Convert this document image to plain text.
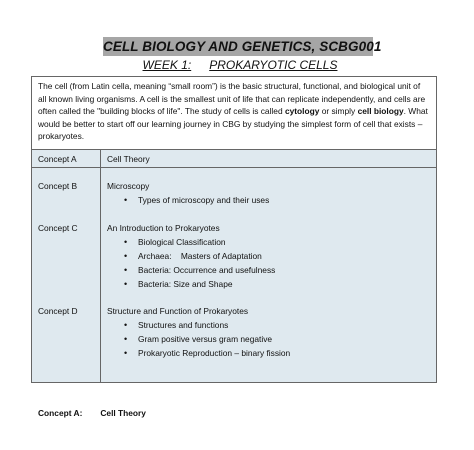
CELL BIOLOGY AND GENETICS, SCBG001
WEEK 1: PROKARYOTIC CELLS
The cell (from Latin cella, meaning “small room”) is the basic structural, functional, and biological unit of all known living organisms. A cell is the smallest unit of life that can replicate independently, and cells are often called the "building blocks of life". The study of cells is called cytology or simply cell biology. What would be better to start off our learning journey in CBG by studying the simplest form of cell that exists – prokaryotes.
Concept A	Cell Theory
Concept B	Microscopy
• Types of microscopy and their uses
Concept C	An Introduction to Prokaryotes
• Biological Classification
• Archaea:    Masters of Adaptation
• Bacteria: Occurrence and usefulness
• Bacteria: Size and Shape
Concept D	Structure and Function of Prokaryotes
• Structures and functions
• Gram positive versus gram negative
• Prokaryotic Reproduction – binary fission
Concept A: Cell Theory
